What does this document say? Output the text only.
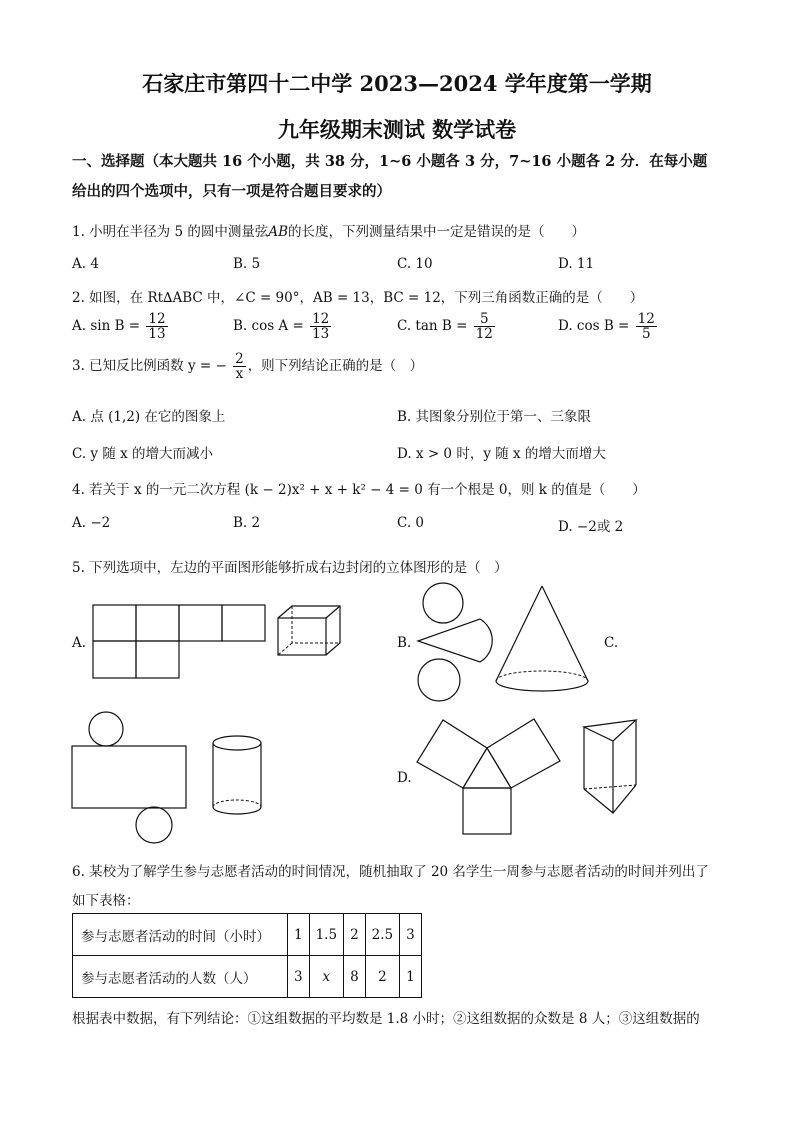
石家庄市第四十二中学 2023—2024 学年度第一学期
九年级期末测试 数学试卷
一、选择题（本大题共 16 个小题，共 38 分，1~6 小题各 3 分，7~16 小题各 2 分．在每小题
给出的四个选项中，只有一项是符合题目要求的）
1. 小明在半径为 5 的圆中测量弦AB的长度，下列测量结果中一定是错误的是（　　）
A. 4	B. 5	C. 10	D. 11
2. 如图，在 Rt∆ABC 中，∠C = 90°，AB = 13，BC = 12，下列三角函数正确的是（　　）
A. $\sin B = \frac{12}{13}$	B. $\cos A = \frac{12}{13}$	C. $\tan B = \frac{5}{12}$	D. $\cos B = \frac{12}{5}$
3. 已知反比例函数 y = − $\frac{2}{x}$ ，则下列结论正确的是（　）
A. 点 (1,2) 在它的图象上	B. 其图象分别位于第一、三象限
C. y 随 x 的增大而减小	D. x > 0 时，y 随 x 的增大而增大
4. 若关于 x 的一元二次方程 (k − 2)x² + x + k² − 4 = 0 有一个根是 0，则 k 的值是（　　）
A. −2	B. 2	C. 0	D. −2或 2
5. 下列选项中，左边的平面图形能够折成右边封闭的立体图形的是（　）
A.	B.	C.
D.
6. 某校为了解学生参与志愿者活动的时间情况，随机抽取了 20 名学生一周参与志愿者活动的时间并列出了
如下表格：
参与志愿者活动的时间（小时）	1	1.5	2	2.5	3
参与志愿者活动的人数（人）	3	x	8	2	1
根据表中数据，有下列结论：①这组数据的平均数是 1.8 小时；②这组数据的众数是 8 人；③这组数据的
